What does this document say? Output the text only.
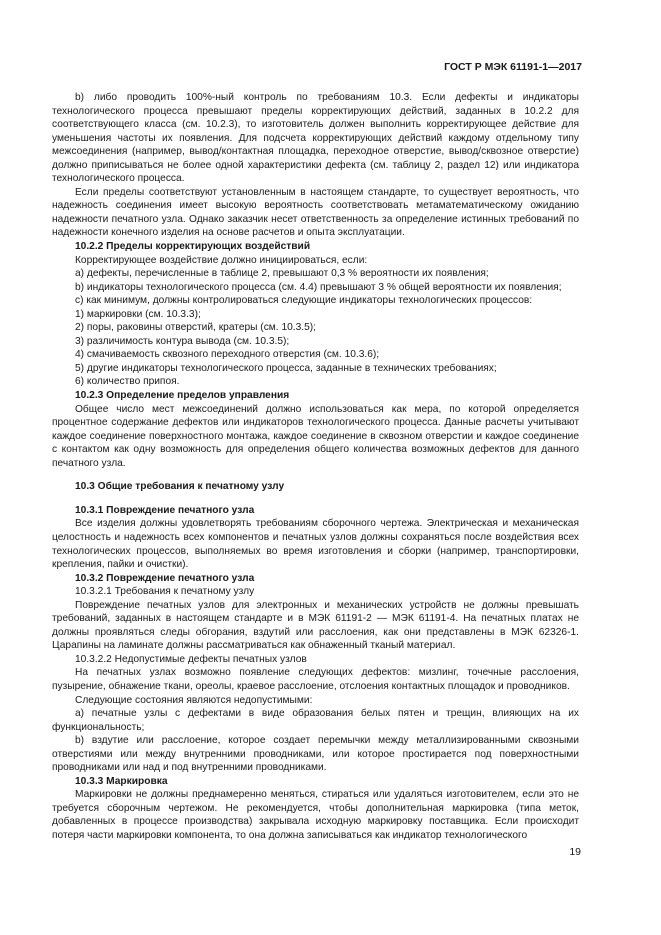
ГОСТ Р МЭК 61191-1—2017

b) либо проводить 100%-ный контроль по требованиям 10.3. Если дефекты и индикаторы технологического процесса превышают пределы корректирующих действий, заданных в 10.2.2 для соответствующего класса (см. 10.2.3), то изготовитель должен выполнить корректирующее действие для уменьшения частоты их появления. Для подсчета корректирующих действий каждому отдельному типу межсоединения (например, вывод/контактная площадка, переходное отверстие, вывод/сквозное отверстие) должно приписываться не более одной характеристики дефекта (см. таблицу 2, раздел 12) или индикатора технологического процесса.

Если пределы соответствуют установленным в настоящем стандарте, то существует вероятность, что надежность соединения имеет высокую вероятность соответствовать метаматематическому ожиданию надежности печатного узла. Однако заказчик несет ответственность за определение истинных требований по надежности конечного изделия на основе расчетов и опыта эксплуатации.

10.2.2 Пределы корректирующих воздействий

Корректирующее воздействие должно инициироваться, если:

a) дефекты, перечисленные в таблице 2, превышают 0,3 % вероятности их появления;

b) индикаторы технологического процесса (см. 4.4) превышают 3 % общей вероятности их появления;

c) как минимум, должны контролироваться следующие индикаторы технологических процессов:

1) маркировки (см. 10.3.3);

2) поры, раковины отверстий, кратеры (см. 10.3.5);

3) различимость контура вывода (см. 10.3.5);

4) смачиваемость сквозного переходного отверстия (см. 10.3.6);

5) другие индикаторы технологического процесса, заданные в технических требованиях;

6) количество припоя.

10.2.3 Определение пределов управления

Общее число мест межсоединений должно использоваться как мера, по которой определяется процентное содержание дефектов или индикаторов технологического процесса. Данные расчеты учитывают каждое соединение поверхностного монтажа, каждое соединение в сквозном отверстии и каждое соединение с контактом как одну возможность для определения общего количества возможных дефектов для данного печатного узла.

10.3 Общие требования к печатному узлу

10.3.1 Повреждение печатного узла

Все изделия должны удовлетворять требованиям сборочного чертежа. Электрическая и механическая целостность и надежность всех компонентов и печатных узлов должны сохраняться после воздействия всех технологических процессов, выполняемых во время изготовления и сборки (например, транспортировки, крепления, пайки и очистки).

10.3.2 Повреждение печатного узла

10.3.2.1 Требования к печатному узлу

Повреждение печатных узлов для электронных и механических устройств не должны превышать требований, заданных в настоящем стандарте и в МЭК 61191-2 — МЭК 61191-4. На печатных платах не должны проявляться следы обгорания, вздутий или расслоения, как они представлены в МЭК 62326-1. Царапины на ламинате должны рассматриваться как обнаженный тканый материал.

10.3.2.2 Недопустимые дефекты печатных узлов

На печатных узлах возможно появление следующих дефектов: мизлинг, точечные расслоения, пузырение, обнажение ткани, ореолы, краевое расслоение, отслоения контактных площадок и проводников.

Следующие состояния являются недопустимыми:

a) печатные узлы с дефектами в виде образования белых пятен и трещин, влияющих на их функциональность;

b) вздутие или расслоение, которое создает перемычки между металлизированными сквозными отверстиями или между внутренними проводниками, или которое простирается под поверхностными проводниками или над и под внутренними проводниками.

10.3.3 Маркировка

Маркировки не должны преднамеренно меняться, стираться или удаляться изготовителем, если это не требуется сборочным чертежом. Не рекомендуется, чтобы дополнительная маркировка (типа меток, добавленных в процессе производства) закрывала исходную маркировку поставщика. Если происходит потеря части маркировки компонента, то она должна записываться как индикатор технологического

19
